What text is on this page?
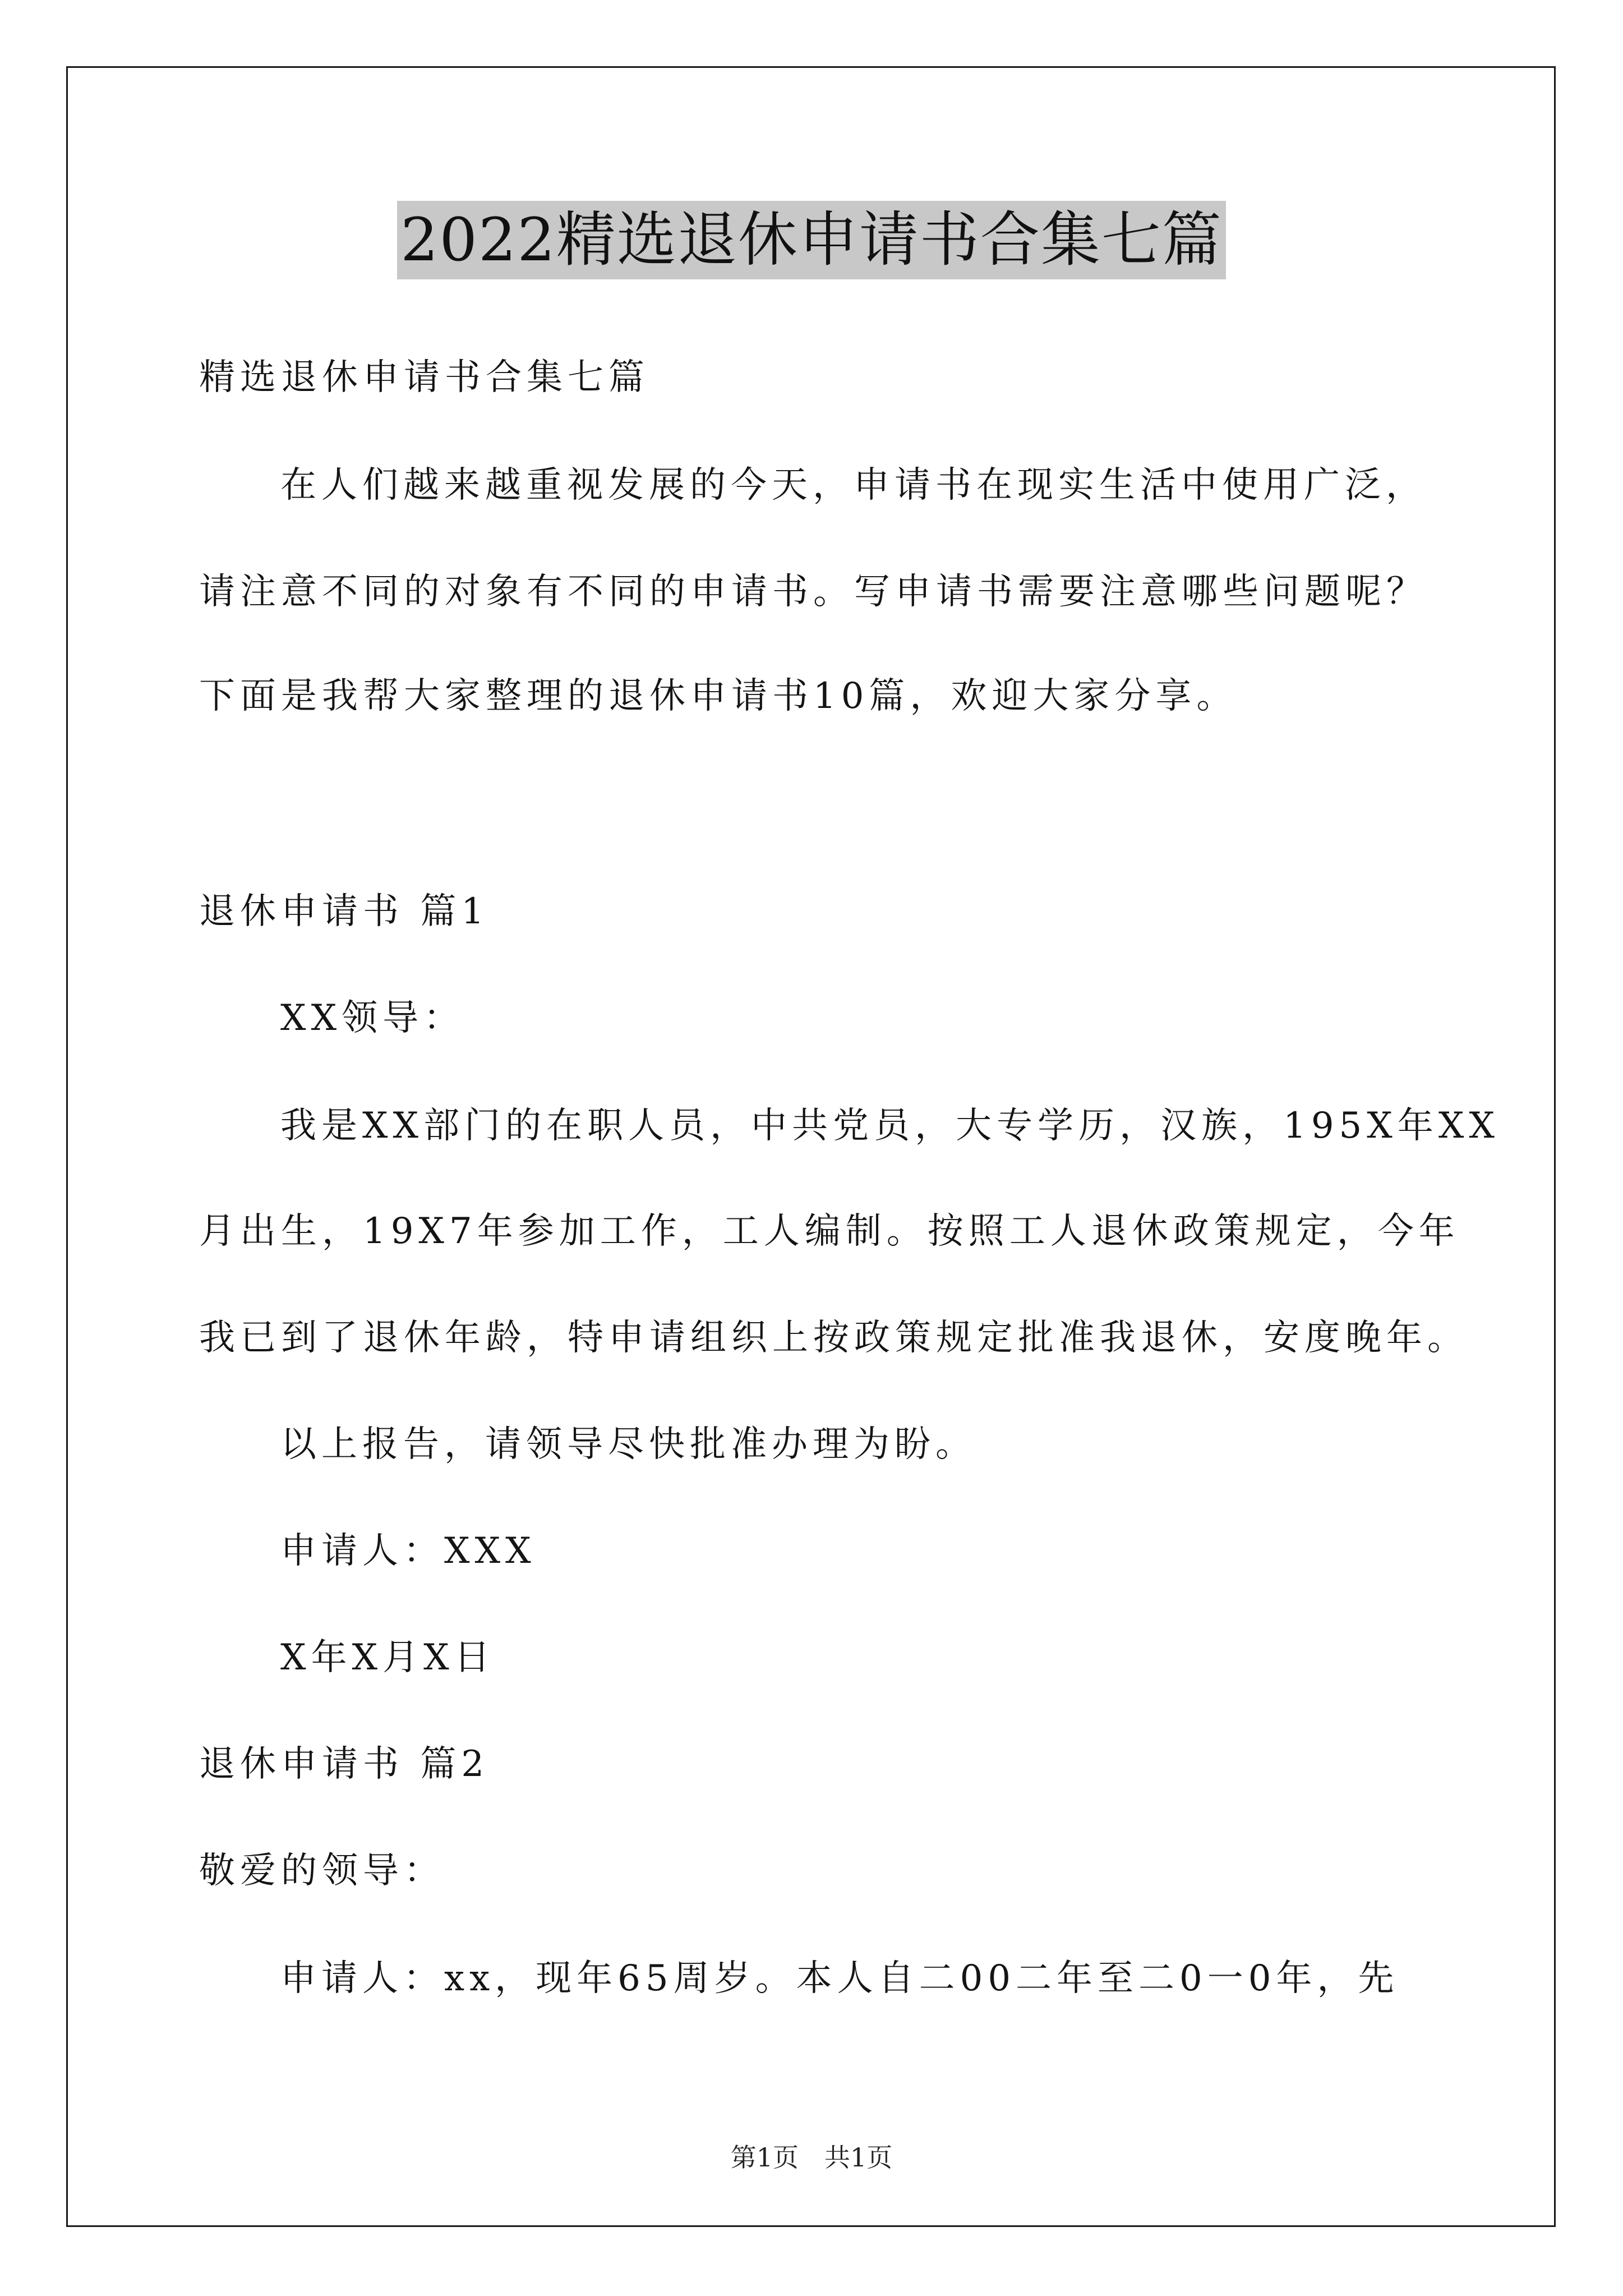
2022精选退休申请书合集七篇
精选退休申请书合集七篇
在人们越来越重视发展的今天，申请书在现实生活中使用广泛，
请注意不同的对象有不同的申请书。写申请书需要注意哪些问题呢？
下面是我帮大家整理的退休申请书10篇，欢迎大家分享。
退休申请书 篇1
XX领导：
我是XX部门的在职人员，中共党员，大专学历，汉族，195X年XX
月出生，19X7年参加工作，工人编制。按照工人退休政策规定，今年
我已到了退休年龄，特申请组织上按政策规定批准我退休，安度晚年。
以上报告，请领导尽快批准办理为盼。
申请人：XXX
X年X月X日
退休申请书 篇2
敬爱的领导：
申请人：xx，现年65周岁。本人自二00二年至二0一0年，先
第1页　共1页
